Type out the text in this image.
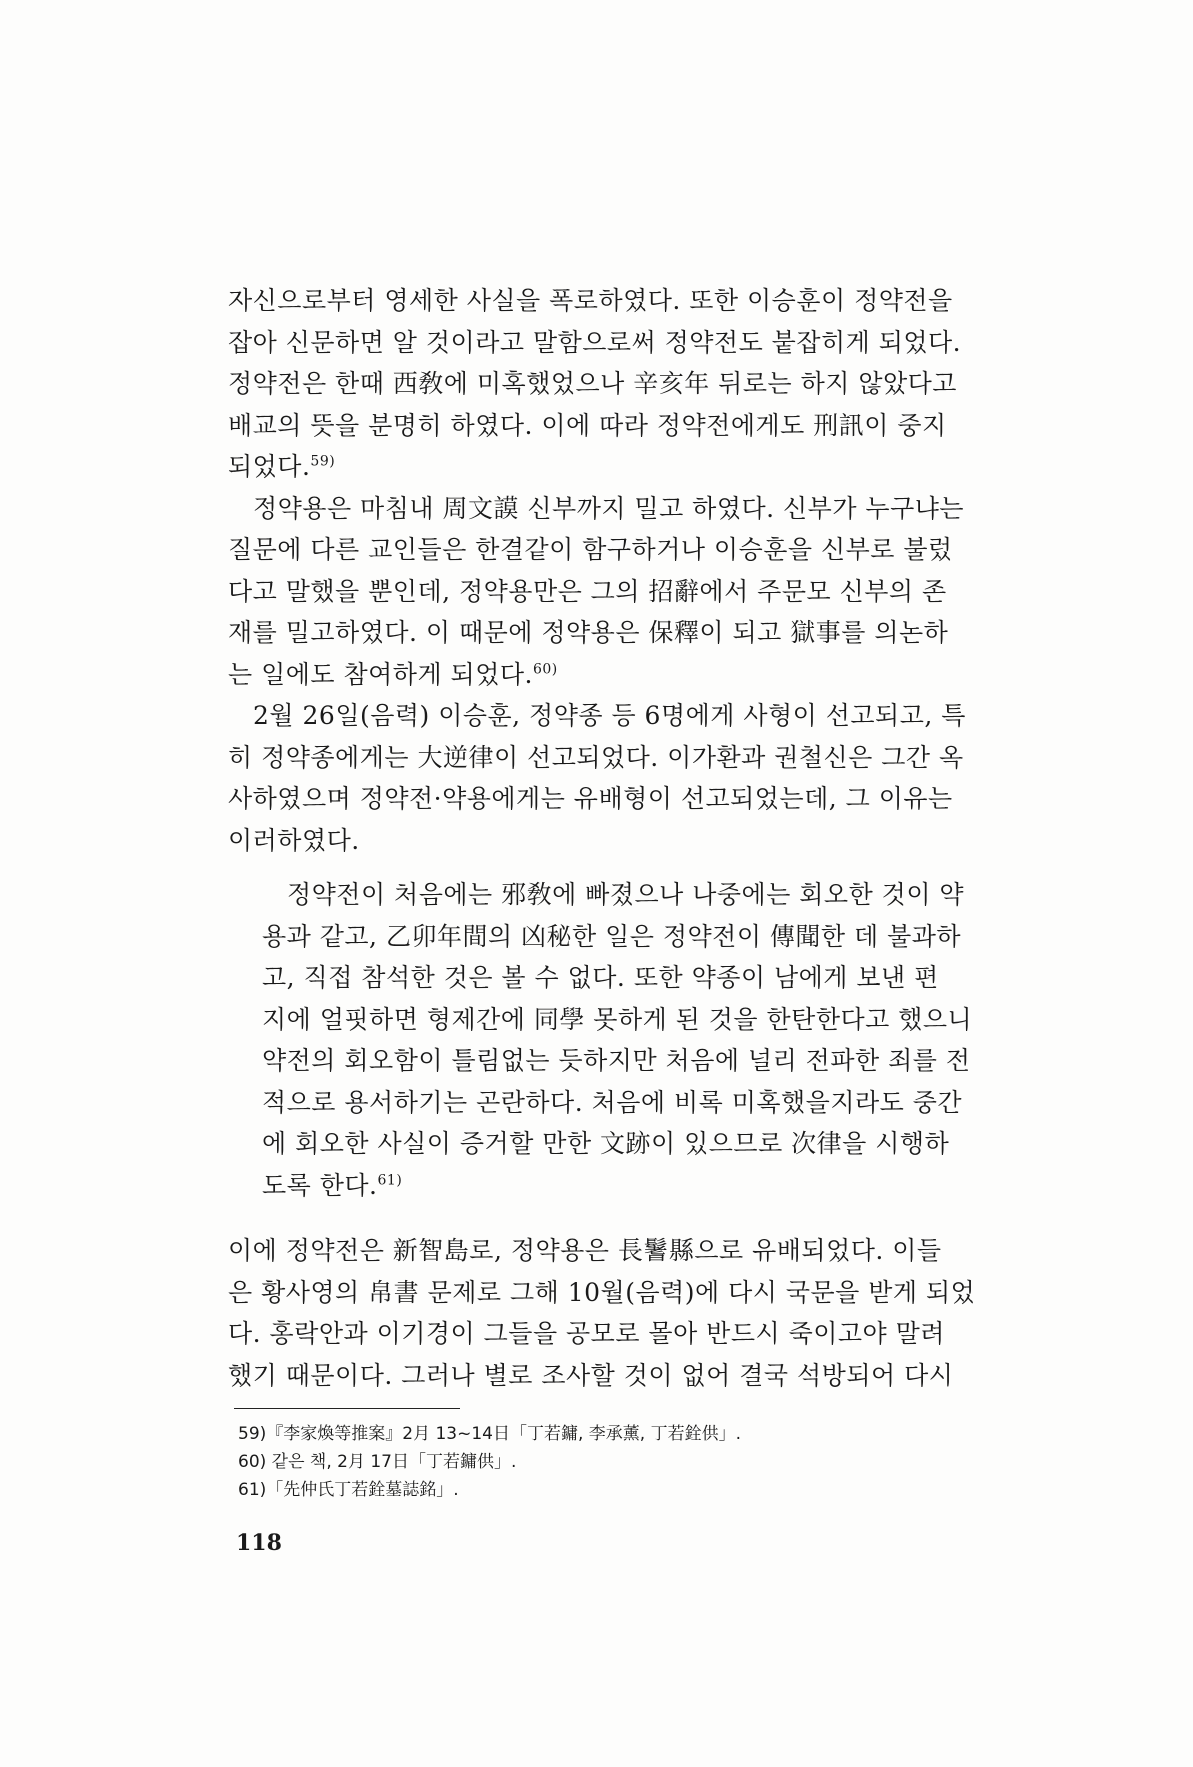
자신으로부터 영세한 사실을 폭로하였다. 또한 이승훈이 정약전을
잡아 신문하면 알 것이라고 말함으로써 정약전도 붙잡히게 되었다.
정약전은 한때 西敎에 미혹했었으나 辛亥年 뒤로는 하지 않았다고
배교의 뜻을 분명히 하였다. 이에 따라 정약전에게도 刑訊이 중지
되었다.$^{59)}$

정약용은 마침내 周文謨 신부까지 밀고 하였다. 신부가 누구냐는
질문에 다른 교인들은 한결같이 함구하거나 이승훈을 신부로 불렀
다고 말했을 뿐인데, 정약용만은 그의 招辭에서 주문모 신부의 존
재를 밀고하였다. 이 때문에 정약용은 保釋이 되고 獄事를 의논하
는 일에도 참여하게 되었다.$^{60)}$

2월 26일(음력) 이승훈, 정약종 등 6명에게 사형이 선고되고, 특
히 정약종에게는 大逆律이 선고되었다. 이가환과 권철신은 그간 옥
사하였으며 정약전·약용에게는 유배형이 선고되었는데, 그 이유는
이러하였다.

정약전이 처음에는 邪敎에 빠졌으나 나중에는 회오한 것이 약
용과 같고, 乙卯年間의 凶秘한 일은 정약전이 傳聞한 데 불과하
고, 직접 참석한 것은 볼 수 없다. 또한 약종이 남에게 보낸 편
지에 얼핏하면 형제간에 同學 못하게 된 것을 한탄한다고 했으니
약전의 회오함이 틀림없는 듯하지만 처음에 널리 전파한 죄를 전
적으로 용서하기는 곤란하다. 처음에 비록 미혹했을지라도 중간
에 회오한 사실이 증거할 만한 文跡이 있으므로 次律을 시행하
도록 한다.$^{61)}$

이에 정약전은 新智島로, 정약용은 長鬐縣으로 유배되었다. 이들
은 황사영의 帛書 문제로 그해 10월(음력)에 다시 국문을 받게 되었
다. 홍락안과 이기경이 그들을 공모로 몰아 반드시 죽이고야 말려
했기 때문이다. 그러나 별로 조사할 것이 없어 결국 석방되어 다시

59)『李家煥等推案』2月 13~14日「丁若鏞, 李承薰, 丁若銓供」.

60) 같은 책, 2月 17日「丁若鏞供」.

61)「先仲氏丁若銓墓誌銘」.

118
